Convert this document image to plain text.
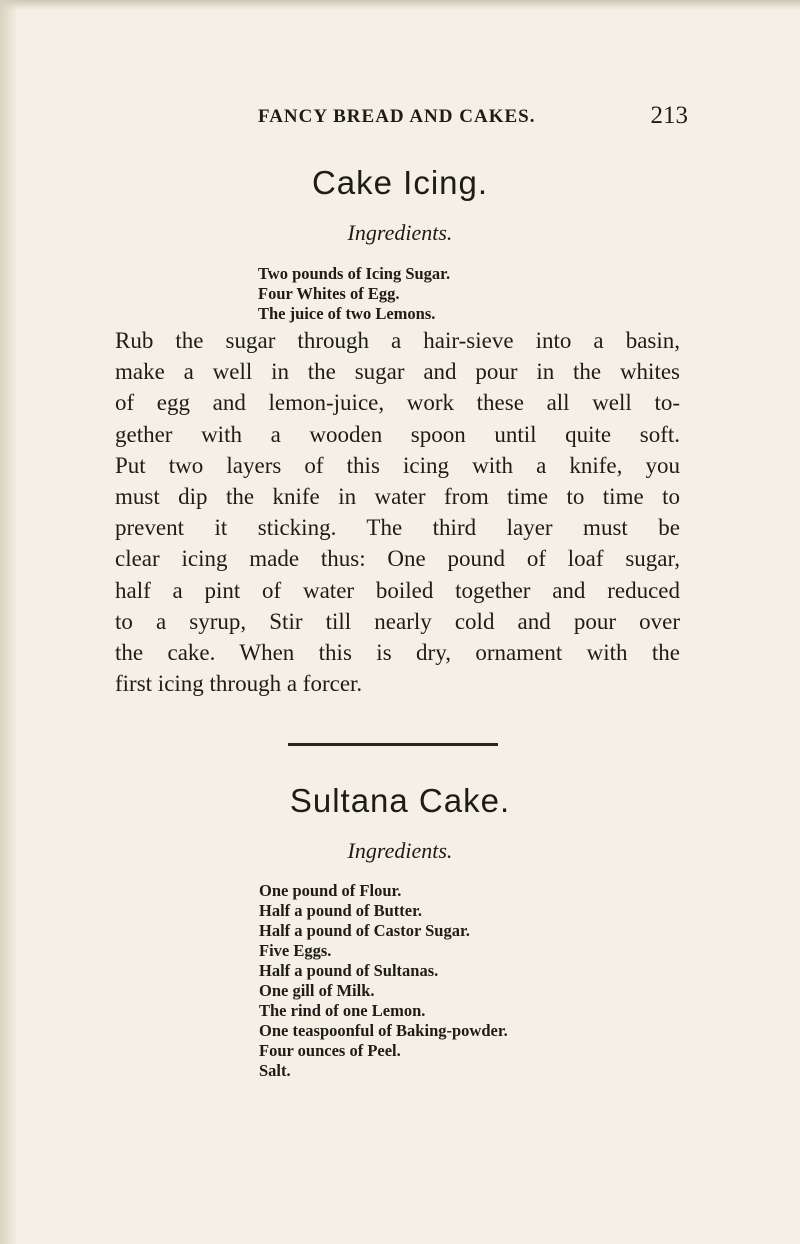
FANCY BREAD AND CAKES.	213
Cake Icing.
Ingredients.
Two pounds of Icing Sugar.
Four Whites of Egg.
The juice of two Lemons.
Rub the sugar through a hair-sieve into a basin,
make a well in the sugar and pour in the whites
of egg and lemon-juice, work these all well to-
gether with a wooden spoon until quite soft.
Put two layers of this icing with a knife, you
must dip the knife in water from time to time to
prevent it sticking. The third layer must be
clear icing made thus: One pound of loaf sugar,
half a pint of water boiled together and reduced
to a syrup, Stir till nearly cold and pour over
the cake. When this is dry, ornament with the
first icing through a forcer.
Sultana Cake.
Ingredients.
One pound of Flour.
Half a pound of Butter.
Half a pound of Castor Sugar.
Five Eggs.
Half a pound of Sultanas.
One gill of Milk.
The rind of one Lemon.
One teaspoonful of Baking-powder.
Four ounces of Peel.
Salt.
